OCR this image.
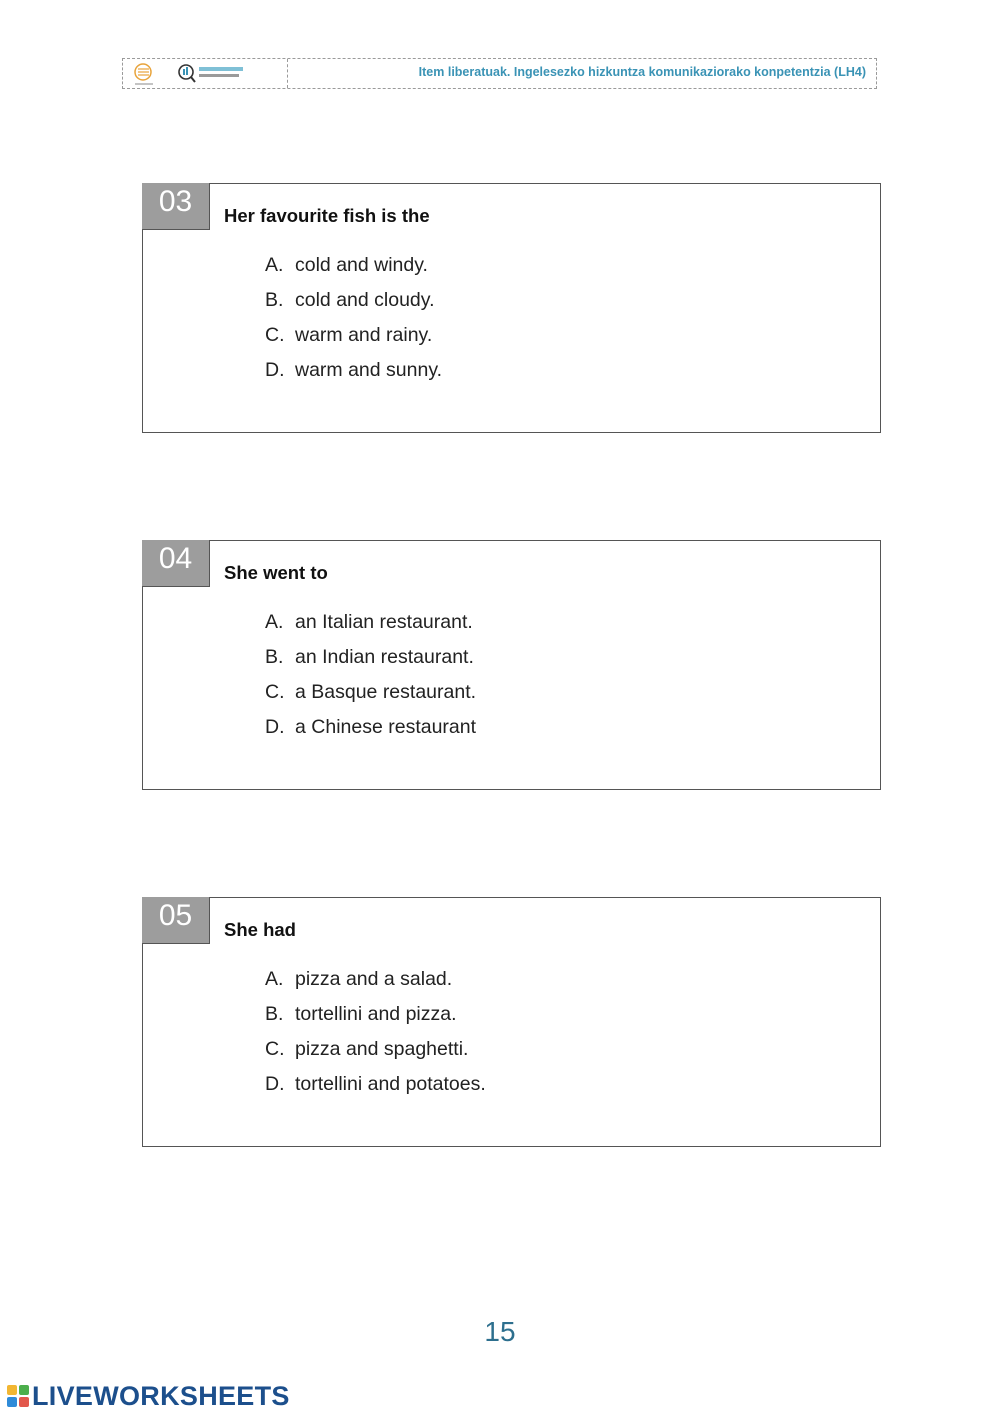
Item liberatuak. Ingelesezko hizkuntza komunikaziorako konpetentzia (LH4)
03	Her favourite fish is the
A. cold and windy.
B. cold and cloudy.
C. warm and rainy.
D. warm and sunny.
04	She went to
A. an Italian restaurant.
B. an Indian restaurant.
C. a Basque restaurant.
D. a Chinese restaurant
05	She had
A. pizza and a salad.
B. tortellini and pizza.
C. pizza and spaghetti.
D. tortellini and potatoes.
15
LIVEWORKSHEETS
